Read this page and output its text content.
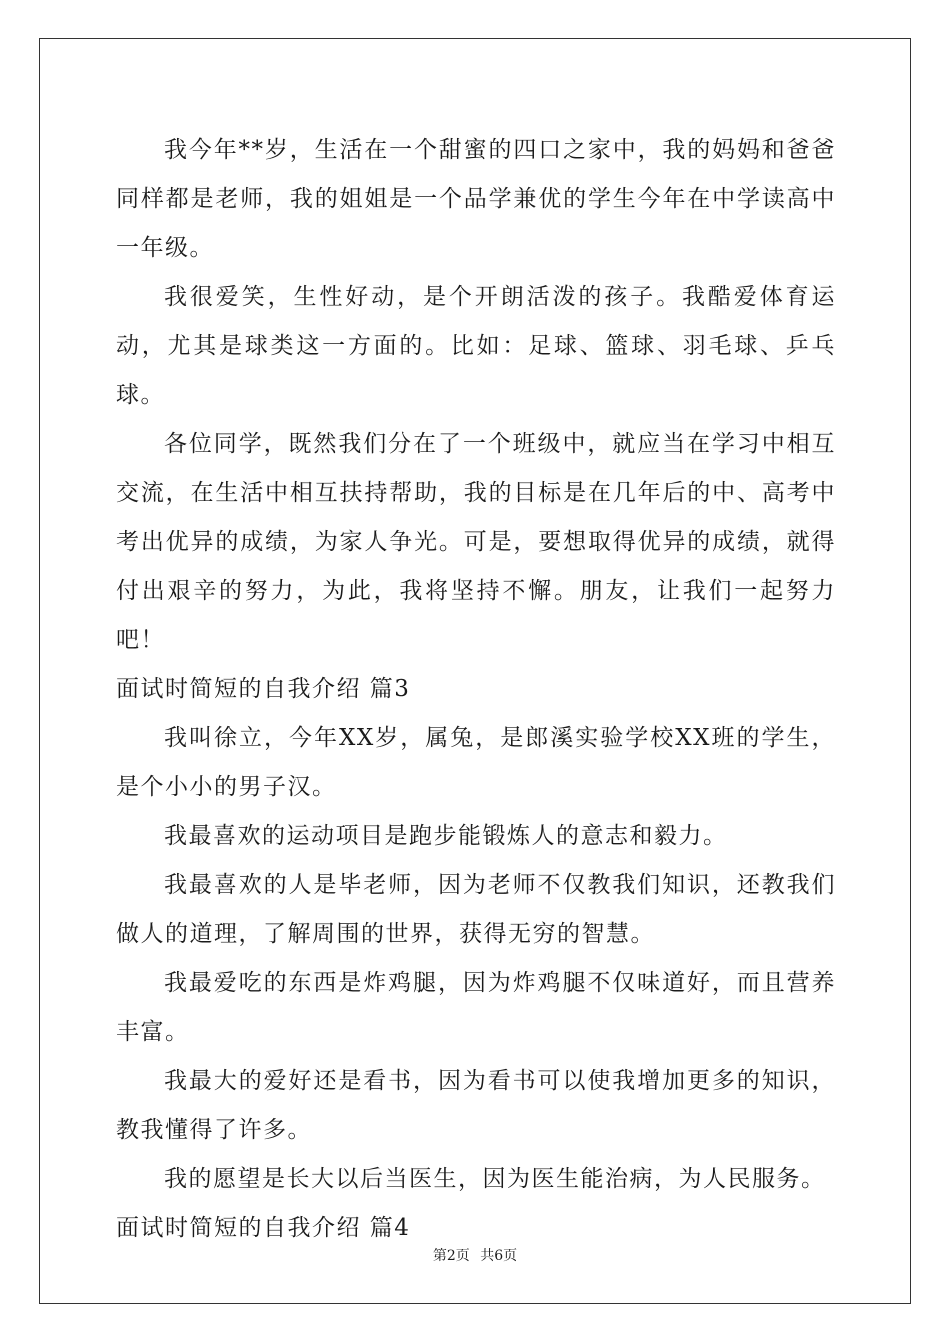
我今年**岁，生活在一个甜蜜的四口之家中，我的妈妈和爸爸同样都是老师，我的姐姐是一个品学兼优的学生今年在中学读高中一年级。

我很爱笑，生性好动，是个开朗活泼的孩子。我酷爱体育运动，尤其是球类这一方面的。比如：足球、篮球、羽毛球、乒乓球。

各位同学，既然我们分在了一个班级中，就应当在学习中相互交流，在生活中相互扶持帮助，我的目标是在几年后的中、高考中考出优异的成绩，为家人争光。可是，要想取得优异的成绩，就得付出艰辛的努力，为此，我将坚持不懈。朋友，让我们一起努力吧！

面试时简短的自我介绍 篇3

我叫徐立，今年XX岁，属兔，是郎溪实验学校XX班的学生，是个小小的男子汉。

我最喜欢的运动项目是跑步能锻炼人的意志和毅力。

我最喜欢的人是毕老师，因为老师不仅教我们知识，还教我们做人的道理，了解周围的世界，获得无穷的智慧。

我最爱吃的东西是炸鸡腿，因为炸鸡腿不仅味道好，而且营养丰富。

我最大的爱好还是看书，因为看书可以使我增加更多的知识，教我懂得了许多。

我的愿望是长大以后当医生，因为医生能治病，为人民服务。

面试时简短的自我介绍 篇4

第2页 共6页
